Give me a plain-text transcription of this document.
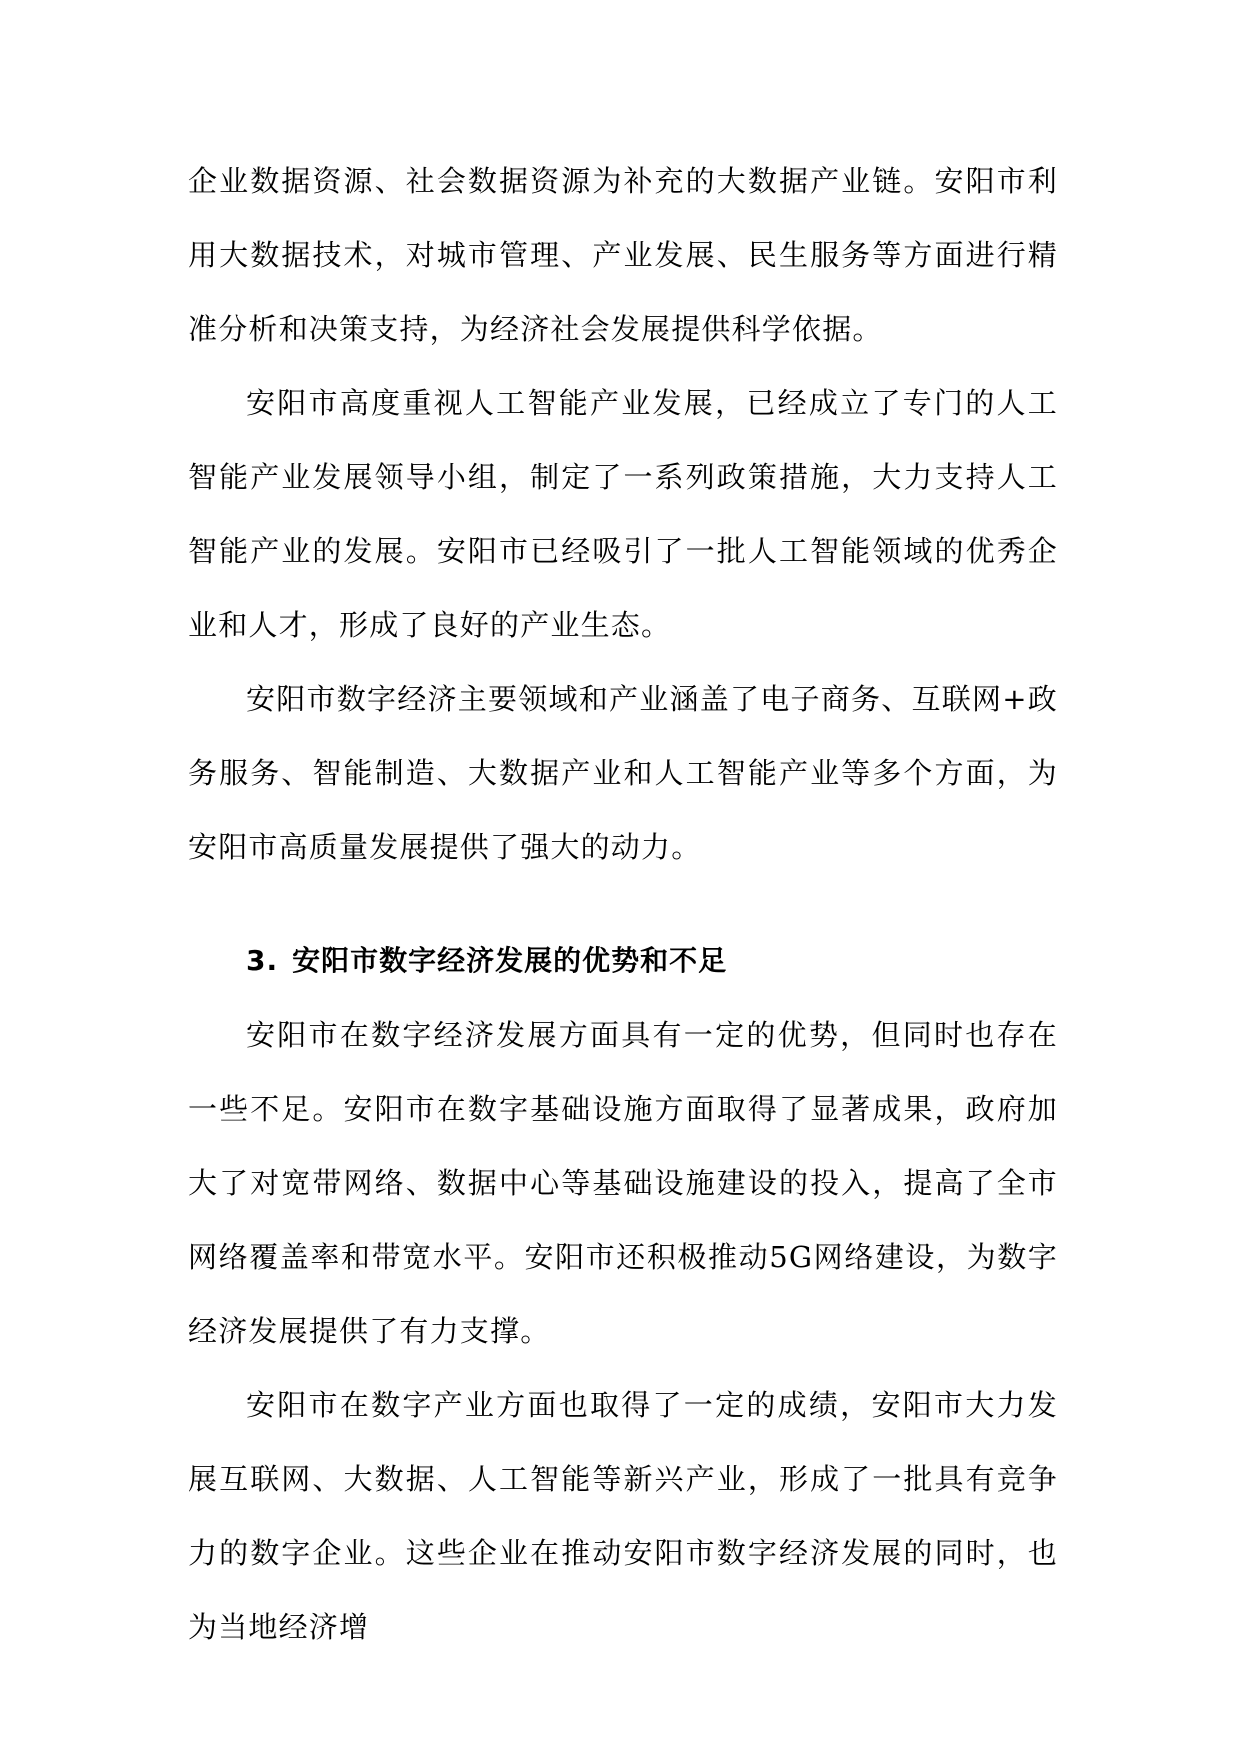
企业数据资源、社会数据资源为补充的大数据产业链。安阳市利用大数据技术，对城市管理、产业发展、民生服务等方面进行精准分析和决策支持，为经济社会发展提供科学依据。

安阳市高度重视人工智能产业发展，已经成立了专门的人工智能产业发展领导小组，制定了一系列政策措施，大力支持人工智能产业的发展。安阳市已经吸引了一批人工智能领域的优秀企业和人才，形成了良好的产业生态。

安阳市数字经济主要领域和产业涵盖了电子商务、互联网+政务服务、智能制造、大数据产业和人工智能产业等多个方面，为安阳市高质量发展提供了强大的动力。

3. 安阳市数字经济发展的优势和不足

安阳市在数字经济发展方面具有一定的优势，但同时也存在一些不足。安阳市在数字基础设施方面取得了显著成果，政府加大了对宽带网络、数据中心等基础设施建设的投入，提高了全市网络覆盖率和带宽水平。安阳市还积极推动5G网络建设，为数字经济发展提供了有力支撑。

安阳市在数字产业方面也取得了一定的成绩，安阳市大力发展互联网、大数据、人工智能等新兴产业，形成了一批具有竞争力的数字企业。这些企业在推动安阳市数字经济发展的同时，也为当地经济增
